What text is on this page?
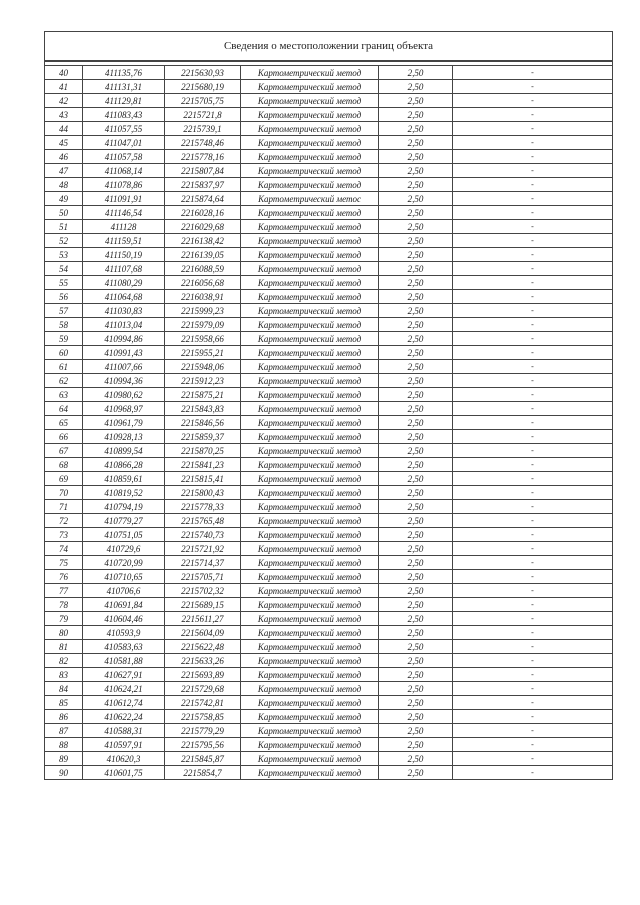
Сведения о местоположении границ объекта					

40	411135,76	2215630,93	Картометрический метод	2,50	-
41	411131,31	2215680,19	Картометрический метод	2,50	-
42	411129,81	2215705,75	Картометрический метод	2,50	-
43	411083,43	2215721,8	Картометрический метод	2,50	-
44	411057,55	2215739,1	Картометрический метод	2,50	-
45	411047,01	2215748,46	Картометрический метод	2,50	-
46	411057,58	2215778,16	Картометрический метод	2,50	-
47	411068,14	2215807,84	Картометрический метод	2,50	-
48	411078,86	2215837,97	Картометрический метод	2,50	-
49	411091,91	2215874,64	Картометрический метоc	2,50	-
50	411146,54	2216028,16	Картометрический метод	2,50	-
51	411128	2216029,68	Картометрический метод	2,50	-
52	411159,51	2216138,42	Картометрический метод	2,50	-
53	411150,19	2216139,05	Картометрический метод	2,50	-
54	411107,68	2216088,59	Картометрический метод	2,50	-
55	411080,29	2216056,68	Картометрический метод	2,50	-
56	411064,68	2216038,91	Картометрический метод	2,50	-
57	411030,83	2215999,23	Картометрический метод	2,50	-
58	411013,04	2215979,09	Картометрический метод	2,50	-
59	410994,86	2215958,66	Картометрический метод	2,50	-
60	410991,43	2215955,21	Картометрический метод	2,50	-
61	411007,66	2215948,06	Картометрический метод	2,50	-
62	410994,36	2215912,23	Картометрический метод	2,50	-
63	410980,62	2215875,21	Картометрический метод	2,50	-
64	410968,97	2215843,83	Картометрический метод	2,50	-
65	410961,79	2215846,56	Картометрический метод	2,50	-
66	410928,13	2215859,37	Картометрический метод	2,50	-
67	410899,54	2215870,25	Картометрический метод	2,50	-
68	410866,28	2215841,23	Картометрический метод	2,50	-
69	410859,61	2215815,41	Картометрический метод	2,50	-
70	410819,52	2215800,43	Картометрический метод	2,50	-
71	410794,19	2215778,33	Картометрический метод	2,50	-
72	410779,27	2215765,48	Картометрический метод	2,50	-
73	410751,05	2215740,73	Картометрический метод	2,50	-
74	410729,6	2215721,92	Картометрический метод	2,50	-
75	410720,99	2215714,37	Картометрический метод	2,50	-
76	410710,65	2215705,71	Картометрический метод	2,50	-
77	410706,6	2215702,32	Картометрический метод	2,50	-
78	410691,84	2215689,15	Картометрический метод	2,50	-
79	410604,46	2215611,27	Картометрический метод	2,50	-
80	410593,9	2215604,09	Картометрический метод	2,50	-
81	410583,63	2215622,48	Картометрический метод	2,50	-
82	410581,88	2215633,26	Картометрический метод	2,50	-
83	410627,91	2215693,89	Картометрический метод	2,50	-
84	410624,21	2215729,68	Картометрический метод	2,50	-
85	410612,74	2215742,81	Картометрический метод	2,50	-
86	410622,24	2215758,85	Картометрический метод	2,50	-
87	410588,31	2215779,29	Картометрический метод	2,50	-
88	410597,91	2215795,56	Картометрический метод	2,50	-
89	410620,3	2215845,87	Картометрический метод	2,50	-
90	410601,75	2215854,7	Картометрический метод	2,50	-
